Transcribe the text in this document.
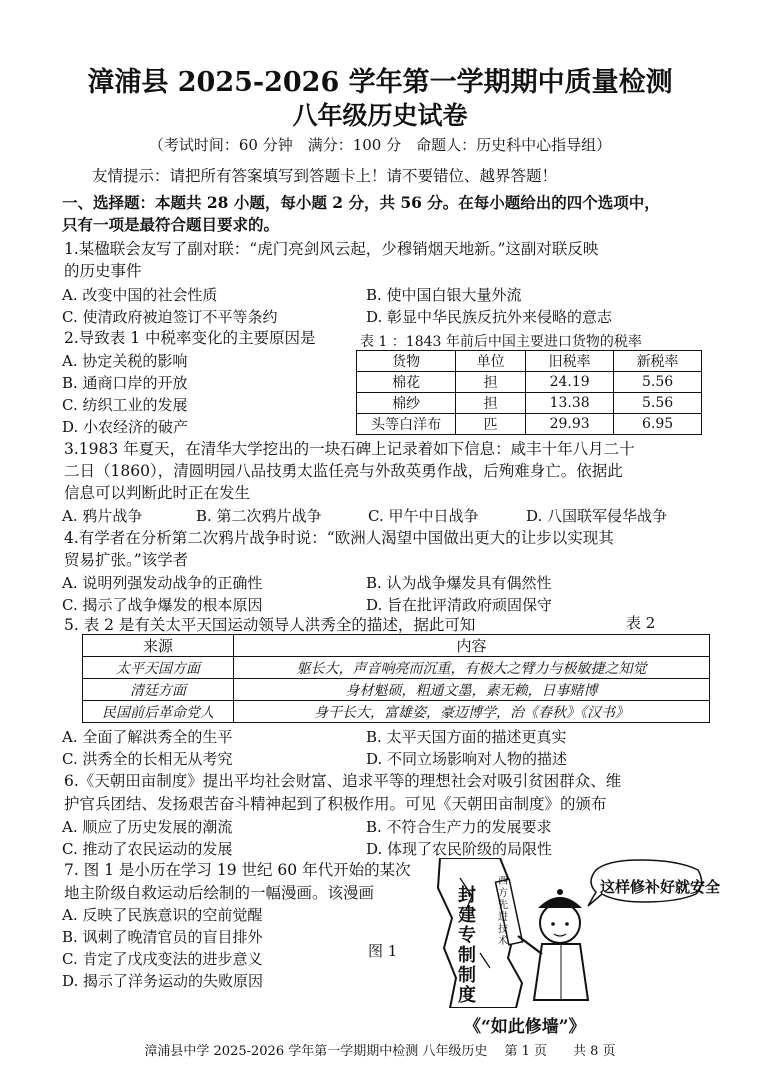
漳浦县 2025-2026 学年第一学期期中质量检测
八年级历史试卷
（考试时间：60 分钟　满分：100 分　命题人：历史科中心指导组）
友情提示：请把所有答案填写到答题卡上！请不要错位、越界答题！
一、选择题：本题共 28 小题，每小题 2 分，共 56 分。在每小题给出的四个选项中，
只有一项是最符合题目要求的。
1.某楹联会友写了副对联：“虎门亮剑风云起，少穆销烟天地新。”这副对联反映
的历史事件
A. 改变中国的社会性质	B. 使中国白银大量外流
C. 使清政府被迫签订不平等条约	D. 彰显中华民族反抗外来侵略的意志
2.导致表 1 中税率变化的主要原因是
A. 协定关税的影响
B. 通商口岸的开放
C. 纺织工业的发展
D. 小农经济的破产
表 1 ：1843 年前后中国主要进口货物的税率
货物	单位	旧税率	新税率
棉花	担	24.19	5.56
棉纱	担	13.38	5.56
头等白洋布	匹	29.93	6.95
3.1983 年夏天，在清华大学挖出的一块石碑上记录着如下信息：咸丰十年八月二十
二日（1860），清圆明园八品技勇太监任亮与外敌英勇作战，后殉难身亡。依据此
信息可以判断此时正在发生
A. 鸦片战争	B. 第二次鸦片战争	C. 甲午中日战争	D. 八国联军侵华战争
4.有学者在分析第二次鸦片战争时说：“欧洲人渴望中国做出更大的让步以实现其
贸易扩张。”该学者
A. 说明列强发动战争的正确性	B. 认为战争爆发具有偶然性
C. 揭示了战争爆发的根本原因	D. 旨在批评清政府顽固保守
5. 表 2 是有关太平天国运动领导人洪秀全的描述，据此可知	表 2
来源	内容
太平天国方面	躯长大，声音响亮而沉重，有极大之臂力与极敏捷之知觉
清廷方面	身材魁硕，粗通文墨，素无赖，日事赌博
民国前后革命党人	身干长大，富雄姿，豪迈博学，治《春秋》《汉书》
A. 全面了解洪秀全的生平	B. 太平天国方面的描述更真实
C. 洪秀全的长相无从考究	D. 不同立场影响对人物的描述
6.《天朝田亩制度》提出平均社会财富、追求平等的理想社会对吸引贫困群众、维
护官兵团结、发扬艰苦奋斗精神起到了积极作用。可见《天朝田亩制度》的颁布
A. 顺应了历史发展的潮流	B. 不符合生产力的发展要求
C. 推动了农民运动的发展	D. 体现了农民阶级的局限性
7. 图 1 是小历在学习 19 世纪 60 年代开始的某次
地主阶级自救运动后绘制的一幅漫画。该漫画
A. 反映了民族意识的空前觉醒
B. 讽刺了晚清官员的盲目排外
C. 肯定了戊戌变法的进步意义
D. 揭示了洋务运动的失败原因
图 1
这样修补好就安全
封建专制制度
西方先进技术
《“如此修墙”》
漳浦县中学 2025-2026 学年第一学期期中检测 八年级历史　 第 1 页　　共 8 页
